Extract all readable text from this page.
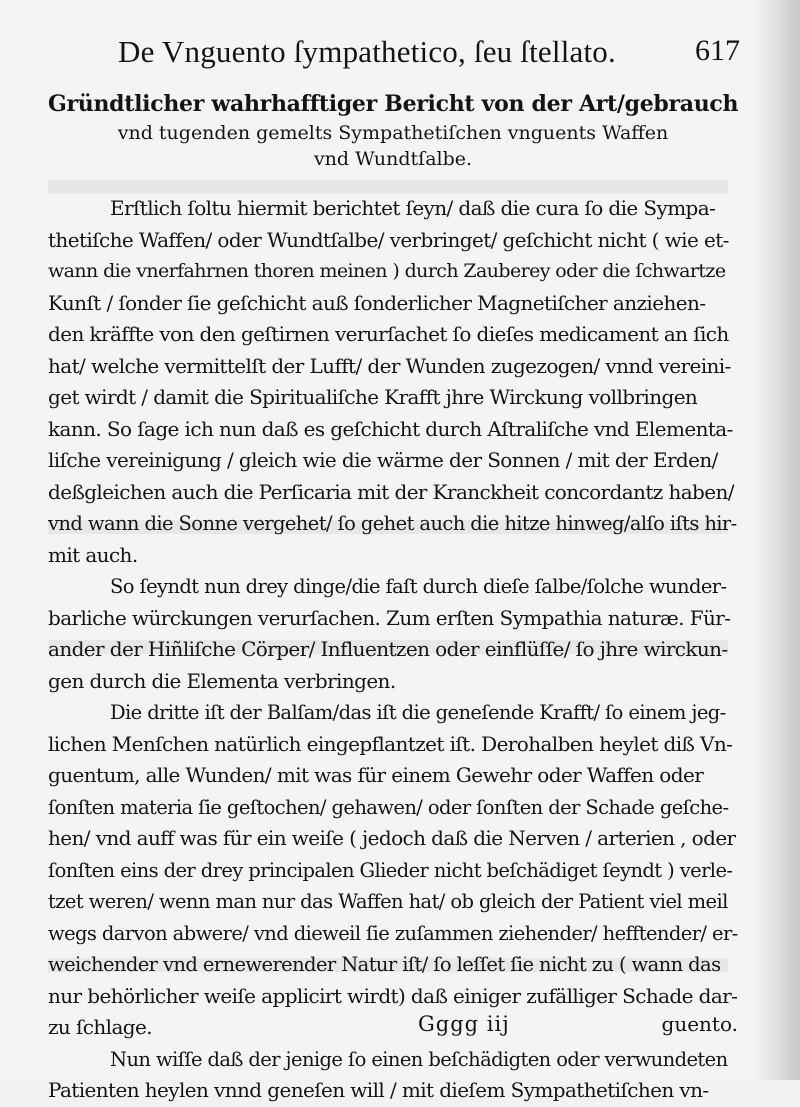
De Vnguento ſympathetico, ſeu ſtellato.	617
Gründtlicher wahrhafftiger Bericht von der Art/gebrauch
vnd tugenden gemelts Sympathetiſchen vnguents Waffen
vnd Wundtſalbe.
Erſtlich ſoltu hiermit berichtet ſeyn/ daß die cura ſo die Sympa-
thetiſche Waffen/ oder Wundtſalbe/ verbringet/ geſchicht nicht ( wie et-
wann die vnerfahrnen thoren meinen ) durch Zauberey oder die ſchwartze
Kunſt / ſonder ſie geſchicht auß ſonderlicher Magnetiſcher anziehen-
den kräffte von den geſtirnen verurſachet ſo dieſes medicament an ſich
hat/ welche vermittelſt der Lufft/ der Wunden zugezogen/ vnnd vereini-
get wirdt / damit die Spiritualiſche Krafft jhre Wirckung vollbringen
kann. So ſage ich nun daß es geſchicht durch Aſtraliſche vnd Elementa-
liſche vereinigung / gleich wie die wärme der Sonnen / mit der Erden/
deßgleichen auch die Perſicaria mit der Kranckheit concordantz haben/
vnd wann die Sonne vergehet/ ſo gehet auch die hitze hinweg/alſo iſts hir-
mit auch.
So ſeyndt nun drey dinge/die faſt durch dieſe ſalbe/ſolche wunder-
barliche würckungen verurſachen. Zum erſten Sympathia naturæ. Für-
ander der Hiñliſche Cörper/ Influentzen oder einflüſſe/ ſo jhre wirckun-
gen durch die Elementa verbringen.
Die dritte iſt der Balſam/das iſt die geneſende Krafft/ ſo einem jeg-
lichen Menſchen natürlich eingepflantzet iſt. Derohalben heylet diß Vn-
guentum, alle Wunden/ mit was für einem Gewehr oder Waffen oder
ſonſten materia ſie geſtochen/ gehawen/ oder ſonſten der Schade geſche-
hen/ vnd auff was für ein weiſe ( jedoch daß die Nerven / arterien , oder
ſonſten eins der drey principalen Glieder nicht beſchädiget ſeyndt ) verle-
tzet weren/ wenn man nur das Waffen hat/ ob gleich der Patient viel meil
wegs darvon abwere/ vnd dieweil ſie zuſammen ziehender/ hefftender/ er-
weichender vnd ernewerender Natur iſt/ ſo leſſet ſie nicht zu ( wann das
nur behörlicher weiſe applicirt wirdt) daß einiger zufälliger Schade dar-
zu ſchlage.
Nun wiſſe daß der jenige ſo einen beſchädigten oder verwundeten
Patienten heylen vnnd geneſen will / mit dieſem Sympathetiſchen vn-
Gggg iij	guento.
